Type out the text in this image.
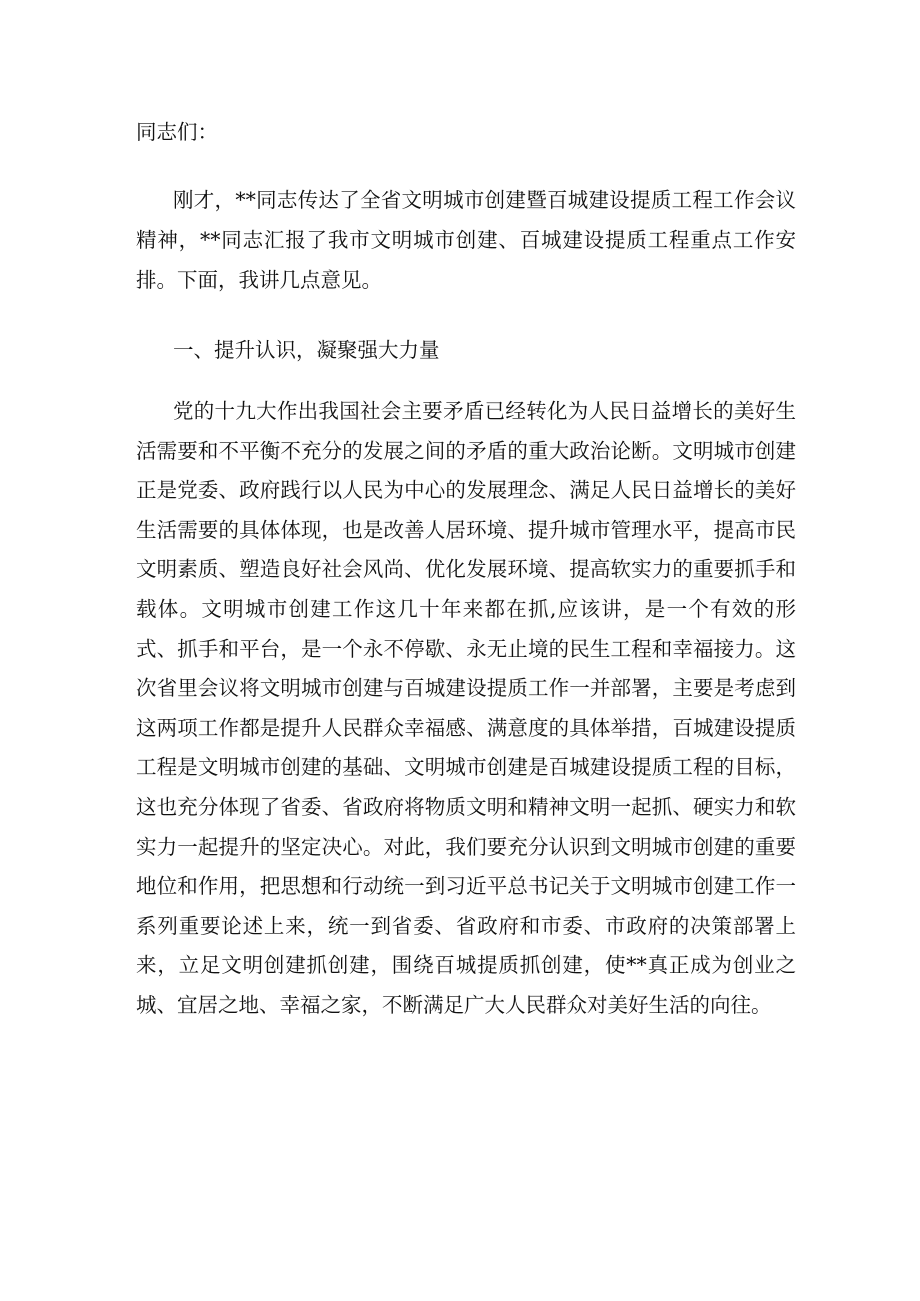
同志们：

刚才，**同志传达了全省文明城市创建暨百城建设提质工程工作会议精神，**同志汇报了我市文明城市创建、百城建设提质工程重点工作安排。下面，我讲几点意见。

一、提升认识，凝聚强大力量

党的十九大作出我国社会主要矛盾已经转化为人民日益增长的美好生活需要和不平衡不充分的发展之间的矛盾的重大政治论断。文明城市创建正是党委、政府践行以人民为中心的发展理念、满足人民日益增长的美好生活需要的具体体现，也是改善人居环境、提升城市管理水平，提高市民文明素质、塑造良好社会风尚、优化发展环境、提高软实力的重要抓手和载体。文明城市创建工作这几十年来都在抓,应该讲，是一个有效的形式、抓手和平台，是一个永不停歇、永无止境的民生工程和幸福接力。这次省里会议将文明城市创建与百城建设提质工作一并部署，主要是考虑到这两项工作都是提升人民群众幸福感、满意度的具体举措，百城建设提质工程是文明城市创建的基础、文明城市创建是百城建设提质工程的目标，这也充分体现了省委、省政府将物质文明和精神文明一起抓、硬实力和软实力一起提升的坚定决心。对此，我们要充分认识到文明城市创建的重要地位和作用，把思想和行动统一到习近平总书记关于文明城市创建工作一系列重要论述上来，统一到省委、省政府和市委、市政府的决策部署上来，立足文明创建抓创建，围绕百城提质抓创建，使**真正成为创业之城、宜居之地、幸福之家，不断满足广大人民群众对美好生活的向往。
